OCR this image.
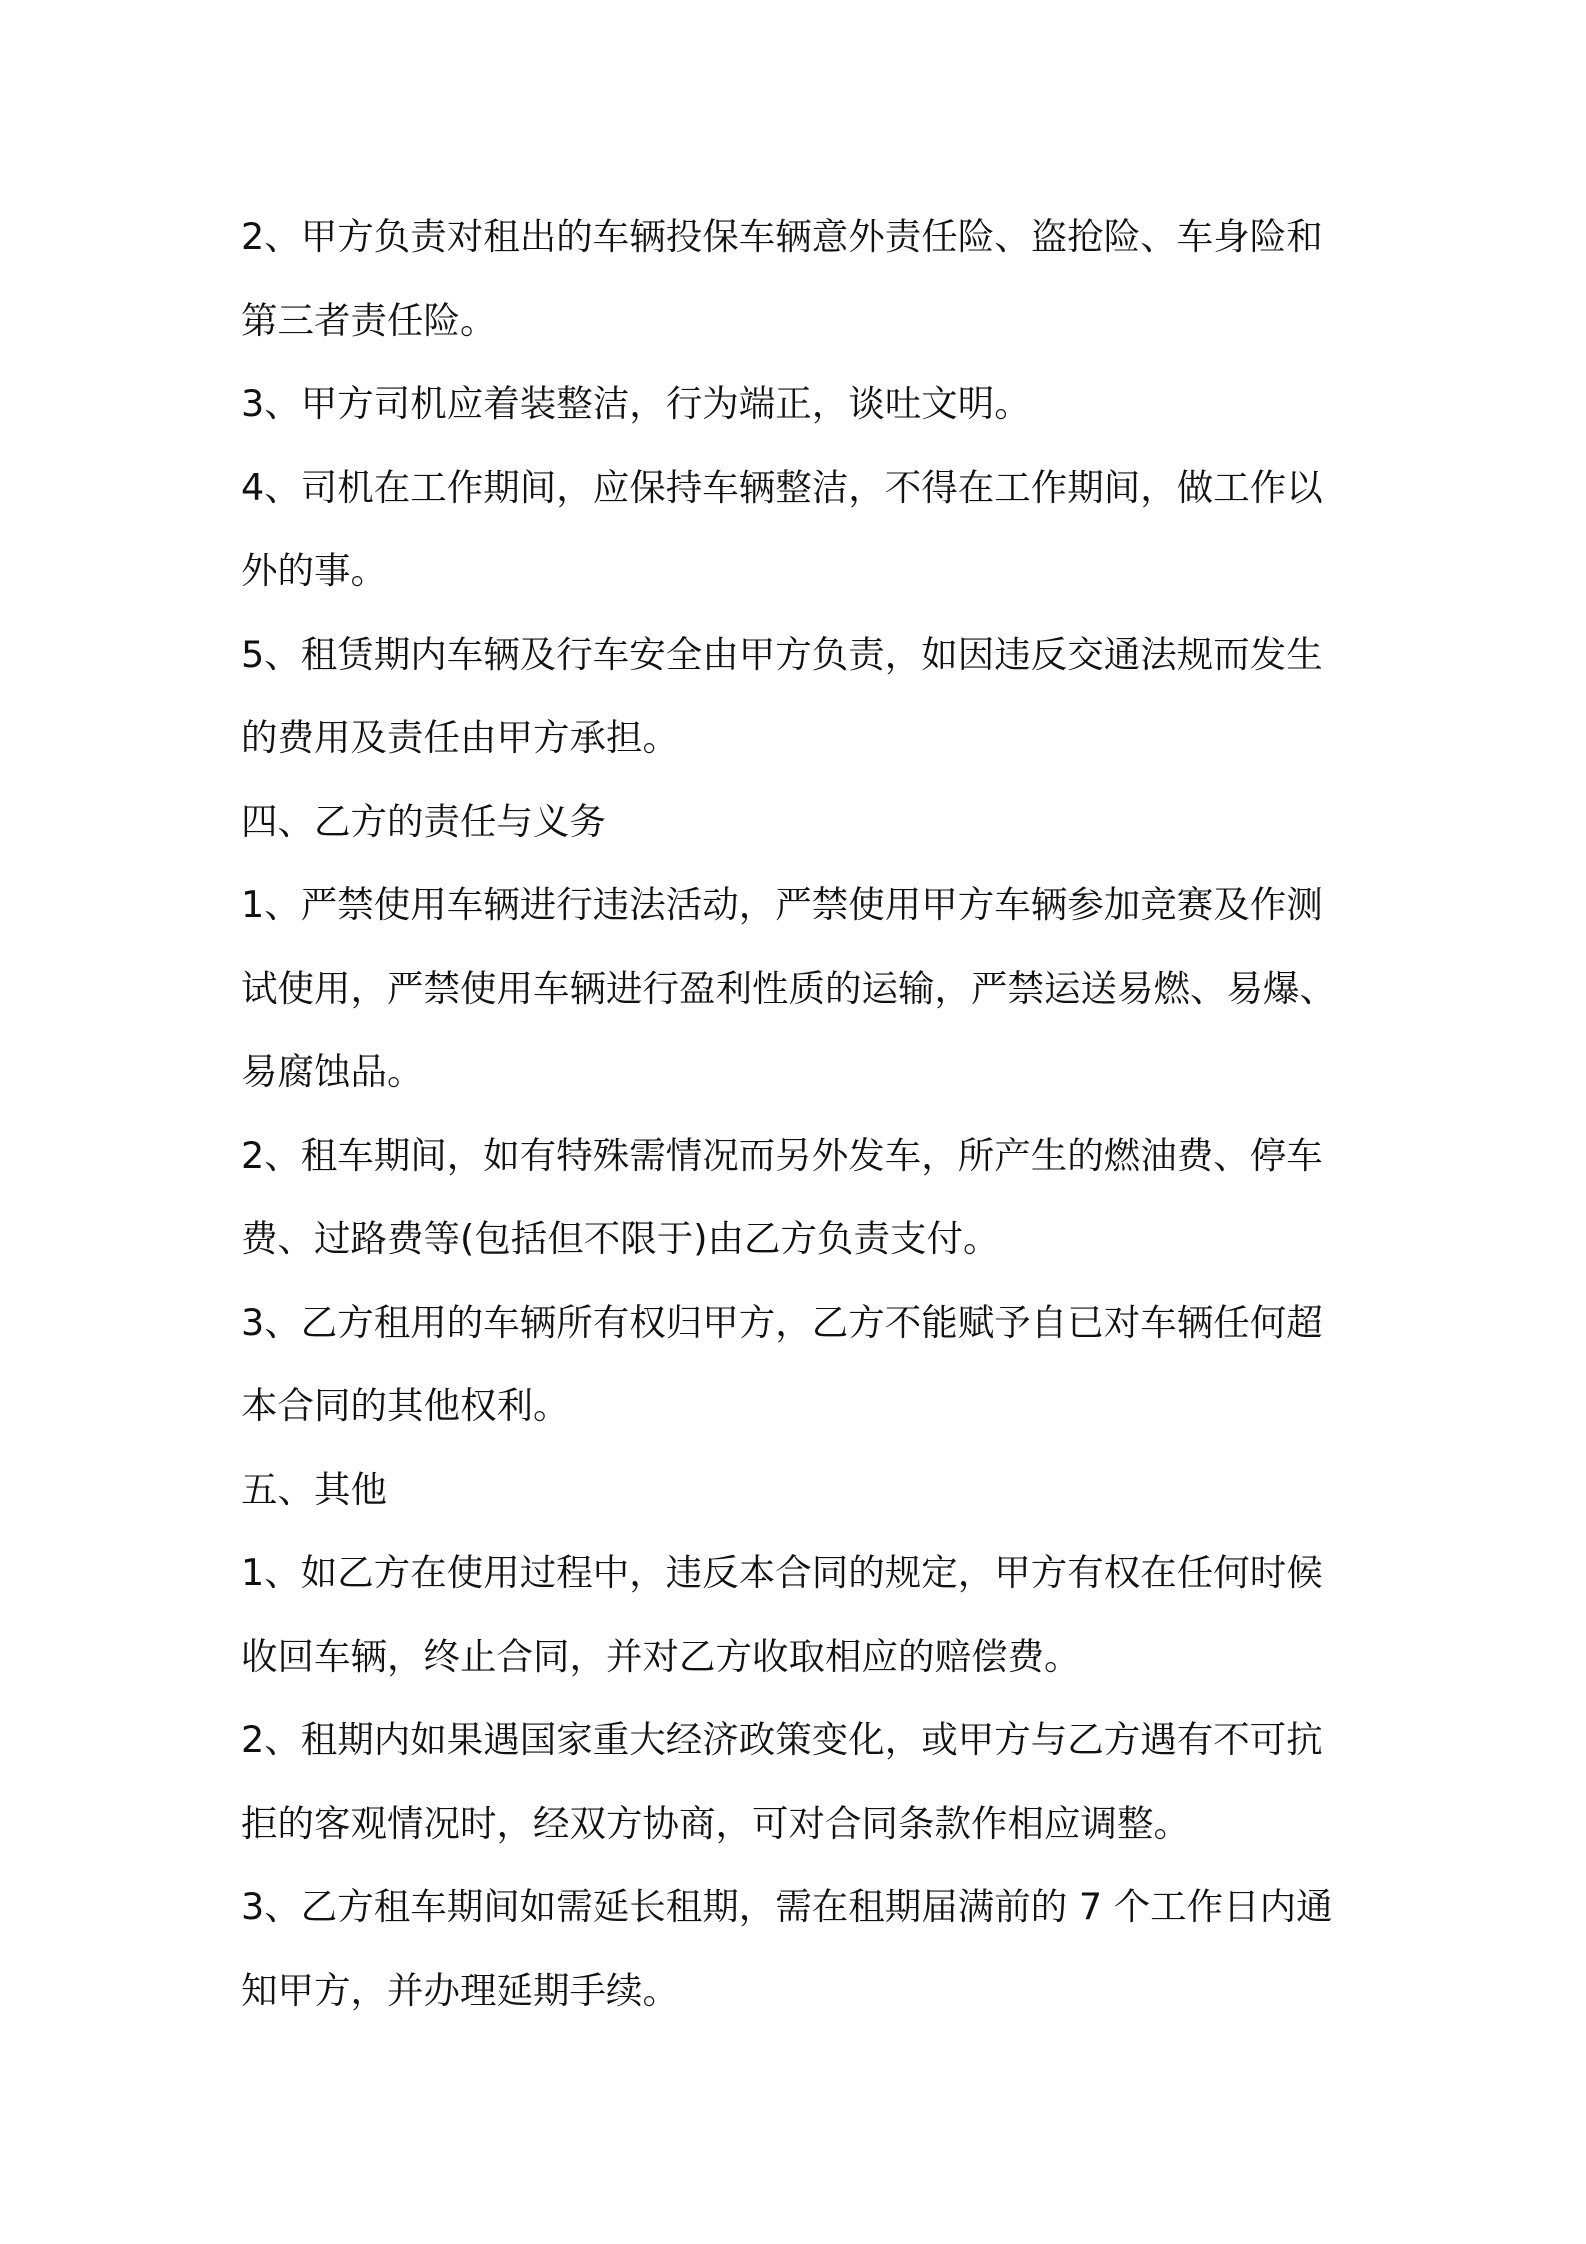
2、甲方负责对租出的车辆投保车辆意外责任险、盗抢险、车身险和第三者责任险。

3、甲方司机应着装整洁，行为端正，谈吐文明。

4、司机在工作期间，应保持车辆整洁，不得在工作期间，做工作以外的事。

5、租赁期内车辆及行车安全由甲方负责，如因违反交通法规而发生的费用及责任由甲方承担。

四、乙方的责任与义务

1、严禁使用车辆进行违法活动，严禁使用甲方车辆参加竞赛及作测试使用，严禁使用车辆进行盈利性质的运输，严禁运送易燃、易爆、易腐蚀品。

2、租车期间，如有特殊需情况而另外发车，所产生的燃油费、停车费、过路费等(包括但不限于)由乙方负责支付。

3、乙方租用的车辆所有权归甲方，乙方不能赋予自已对车辆任何超本合同的其他权利。

五、其他

1、如乙方在使用过程中，违反本合同的规定，甲方有权在任何时候收回车辆，终止合同，并对乙方收取相应的赔偿费。

2、租期内如果遇国家重大经济政策变化，或甲方与乙方遇有不可抗拒的客观情况时，经双方协商，可对合同条款作相应调整。

3、乙方租车期间如需延长租期，需在租期届满前的 7 个工作日内通知甲方，并办理延期手续。
